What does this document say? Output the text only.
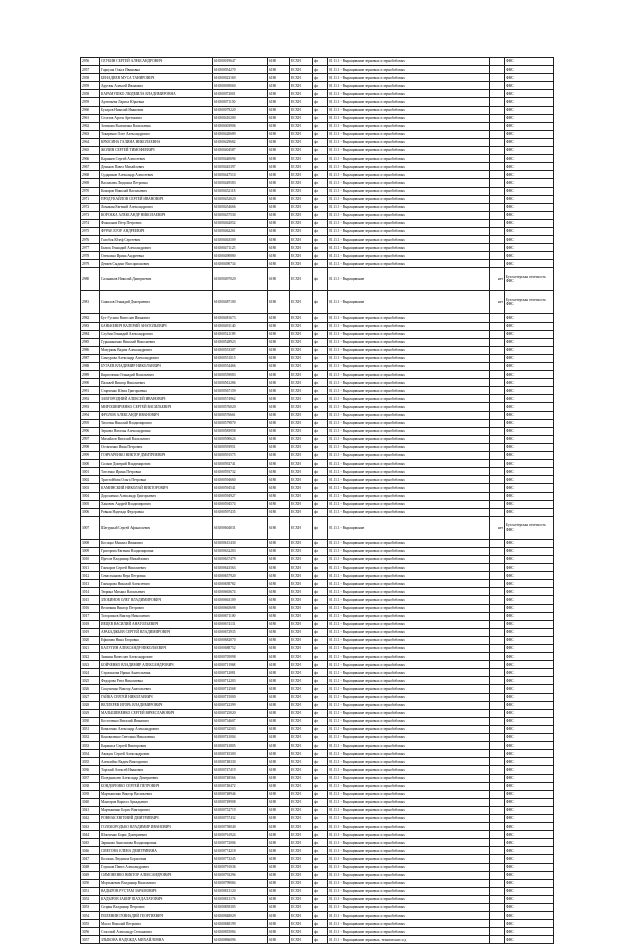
2956	СЕУБИН СЕРГЕЙ АЛЕКСАНДРОВИЧ	616500019647	6180	ЕСХН	фл	01.11.1 - Выращивание зерновых и зернобобовых		ФНС
2957	Гаркуша Ольга Ивановна	616500054270	6180	ЕСХН	фл	01.11.1 - Выращивание зерновых и зернобобовых		ФНС
2958	БЕНАДИЕВ МУСА ТАНИРОВИЧ	616500023169	6180	ЕСХН	фл	01.11.1 - Выращивание зерновых и зернобобовых		ФНС
2959	Арутюн Алексей Иванович	616500039060	6180	ЕСХН	фл	01.11.1 - Выращивание зерновых и зернобобовых		ФНС
2958	КАРАМУШКО ЛЮДМИЛА ВЛАДИМИРОВНА	616500072001	6180	ЕСХН	фл	01.11.1 - Выращивание зерновых и зернобобовых		ФНС
2959	Артемьева Лариса Юрьевна	616500071150	6180	ЕСХН	фл	01.11.1 - Выращивание зерновых и зернобобовых		ФНС
2960	Бухаров Николай Иванович	616500079220	6180	ЕСХН	фл	01.11.1 - Выращивание зерновых и зернобобовых		ФНС
2961	Селезов Арсен Артемович	616500410200	6180	ЕСХН	фл	01.11.1 - Выращивание зерновых и зернобобовых		ФНС
2962	Зотикова Валентина Васильевна	616500403906	6180	ЕСХН	фл	01.11.1 - Выращивание зерновых и зернобобовых		ФНС
2963	Токаренко Олег Александрович	616500420689	6180	ЕСХН	фл	01.11.1 - Выращивание зерновых и зернобобовых		ФНС
2964	КРЮСИНА ГАЛИНА НИКОЛАЕВНА	616500429682	6180	ЕСХН	фл	01.11.1 - Выращивание зерновых и зернобобовых		ФНС
2965	ЖОЛИН СЕРГЕЙ ТИМОФЕЕВИЧ	616500404587	6180	ЕСХН	фл	01.11.1 - Выращивание зерновых и зернобобовых		ФНС
2966	Каршнев Сергей Алексеевич	616500440696	6180	ЕСХН	фл	01.11.1 - Выращивание зерновых и зернобобовых		ФНС
2967	Деньков Павел Михайлович	616500445397	6180	ЕСХН	фл	01.11.1 - Выращивание зерновых и зернобобовых		ФНС
2968	Судариков Александр Алексеевич	616500447510	6180	ЕСХН	фл	01.11.1 - Выращивание зерновых и зернобобовых		ФНС
2969	Васильева Людмила Петровна	616500449583	6180	ЕСХН	фл	01.11.1 - Выращивание зерновых и зернобобовых		ФНС
2970	Комаров Николай Васильевич	616500452118	6180	ЕСХН	фл	01.11.1 - Выращивание зерновых и зернобобовых		ФНС
2971	ПРОДУКАЙЛОВ СЕРГЕЙ ИВАНОВИЧ	616500452020	6180	ЕСХН	фл	01.11.1 - Выращивание зерновых и зернобобовых		ФНС
2972	Ломакин Евгений Александрович	616500454666	6180	ЕСХН	фл	01.11.1 - Выращивание зерновых и зернобобовых		ФНС
2973	КОРОБКА АЛЕКСАНДР НИКОЛАЕВИЧ	616500457530	6180	ЕСХН	фл	01.11.1 - Выращивание зерновых и зернобобовых		ФНС
2974	Фокшанов Петр Петрович	616500462052	6180	ЕСХН	фл	01.11.1 - Выращивание зерновых и зернобобовых		ФНС
2975	ФУРАЕ ЕГОР АНДРЕЕВИЧ	616500462261	6180	ЕСХН	фл	01.11.1 - Выращивание зерновых и зернобобовых		ФНС
2976	Голобок Юзеф Сергеевич	616500463509	6180	ЕСХН	фл	01.11.1 - Выращивание зерновых и зернобобовых		ФНС
2977	Бычок Геннадий Александрович	616500471125	6180	ЕСХН	фл	01.11.1 - Выращивание зерновых и зернобобовых		ФНС
2978	Олексина Ирина Андреевна	616500490880	6180	ЕСХН	фл	01.11.1 - Выращивание зерновых и зернобобовых		ФНС
2979	Деваев Сыдинг Виссарионович	616500490734	6180	ЕСХН	фл	01.11.1 - Выращивание зерновых и зернобобовых		ФНС
2980	Сальников Николай Дмитриевич	616500497020	6180	ЕСХН	фл	01.11.1 - Выращивание	нет	Бухгалтерская отчетность ФНС
2981	Смаилов Геннадий Дмитриевич	616500487100	6180	ЕСХН	фл	01.11.1 - Выращивание	нет	Бухгалтерская отчетность ФНС
2982	Бут-Гусаим Вячеслав Иванович	616500481673	6180	ЕСХН	фл	01.11.1 - Выращивание зерновых и зернобобовых		ФНС
2983	БАНЬКЕВИЧ ВАЛЕРИЙ АНАТОЛЬЕВИЧ	616500491140	6180	ЕСХН	фл	01.11.1 - Выращивание зерновых и зернобобовых		ФНС
2984	Слубин Геннадий Александрович	616500521109	6180	ЕСХН	фл	01.11.1 - Выращивание зерновых и зернобобовых		ФНС
2985	Гурьянькенко Николай Николаевич	616500528923	6180	ЕСХН	фл	01.11.1 - Выращивание зерновых и зернобобовых		ФНС
2986	Мазуркин Вадим Александрович	616500553307	6180	ЕСХН	фл	01.11.1 - Выращивание зерновых и зернобобовых		ФНС
2987	Сакоурова Александр Александрович	616500551015	6180	ЕСХН	фл	01.11.1 - Выращивание зерновых и зернобобовых		ФНС
2988	БУГАЕВ ВЛАДИМИР НИКОЛАЕВИЧ	616500554466	6180	ЕСХН	фл	01.11.1 - Выращивание зерновых и зернобобовых		ФНС
2989	Кирпоченко Геннадий Васильевич	616500559083	6180	ЕСХН	фл	01.11.1 - Выращивание зерновых и зернобобовых		ФНС
2990	Пальвей Виктор Николаевич	616500561286	6180	ЕСХН	фл	01.11.1 - Выращивание зерновых и зернобобовых		ФНС
2991	Старченко Юлия Григорьевна	616500567159	6180	ЕСХН	фл	01.11.1 - Выращивание зерновых и зернобобовых		ФНС
2992	ЗАВГОРОДНИЙ АЛЕКСЕЙ ИВАНОВИЧ	616500574962	6180	ЕСХН	фл	01.11.1 - Выращивание зерновых и зернобобовых		ФНС
2993	МИРОШНИЧЕНКО СЕРГЕЙ ВАСИЛЬЕВИЧ	616500576020	6180	ЕСХН	фл	01.11.1 - Выращивание зерновых и зернобобовых		ФНС
2994	ФРОЛОВ АЛЕКСАНДР ИВАНОВИЧ	616500576661	6180	ЕСХН	фл	01.11.1 - Выращивание зерновых и зернобобовых		ФНС
2995	Тихотин Николай Владимирович	616500579870	6180	ЕСХН	фл	01.11.1 - Выращивание зерновых и зернобобовых		ФНС
2996	Зеркова Наталья Александровна	616500583958	6180	ЕСХН	фл	01.11.1 - Выращивание зерновых и зернобобовых		ФНС
2997	Михайлов Виталий Васильевич	616500590624	6180	ЕСХН	фл	01.11.1 - Выращивание зерновых и зернобобовых		ФНС
2998	Остыченко Иван Петрович	616500593951	6180	ЕСХН	фл	01.11.1 - Выращивание зерновых и зернобобовых		ФНС
2999	ГОНЧАРЕНКО ВИКТОР ДМИТРИЕВИЧ	616500591575	6180	ЕСХН	фл	01.11.1 - Выращивание зерновых и зернобобовых		ФНС
3000	Солков Дмитрий Владимирович	616500592741	6180	ЕСХН	фл	01.11.1 - Выращивание зерновых и зернобобовых		ФНС
3001	Татсенко Ирина Петровна	616500593732	6180	ЕСХН	фл	01.11.1 - Выращивание зерновых и зернобобовых		ФНС
3002	Тристойбова Ольга Петровна	616500594660	6180	ЕСХН	фл	01.11.1 - Выращивание зерновых и зернобобовых		ФНС
3003	КАМИНСКИЙ НИКОЛАЙ ВИКТОРОВИЧ	616500594541	6180	ЕСХН	фл	01.11.1 - Выращивание зерновых и зернобобовых		ФНС
3004	Дорошенко Александр Григорьевич	616500594927	6180	ЕСХН	фл	01.11.1 - Выращивание зерновых и зернобобовых		ФНС
3005	Ханович Андрей Владимирович	616500594574	6180	ЕСХН	фл	01.11.1 - Выращивание зерновых и зернобобовых		ФНС
3006	Ровная Надежда Федоровна	616500597435	6180	ЕСХН	фл	01.11.1 - Выращивание зерновых и зернобобовых		ФНС
3007	Шатурный Сергей Афанасьевич	616500604031	6180	ЕСХН	фл	01.11.1 - Выращивание	нет	Бухгалтерская отчетность ФНС
3008	Косоцко Михаил Иванович	616500615430	6180	ЕСХН	фл	01.11.1 - Выращивание зерновых и зернобобовых		ФНС
3009	Григорова Евгения Владимировна	616500632203	6180	ЕСХН	фл	01.11.1 - Выращивание зерновых и зернобобовых		ФНС
3010	Пресов Владимир Михайлович	616500637479	6180	ЕСХН	фл	01.11.1 - Выращивание зерновых и зернобобовых		ФНС
3011	Гончаров Сергей Николаевич	616500643563	6180	ЕСХН	фл	01.11.1 - Выращивание зерновых и зернобобовых		ФНС
3012	Севастьянова Вера Петровна	616500657920	6180	ЕСХН	фл	01.11.1 - Выращивание зерновых и зернобобовых		ФНС
3013	Гончарова Николай Алексеевич	616500658782	6180	ЕСХН	фл	01.11.1 - Выращивание зерновых и зернобобовых		ФНС
3014	Тюрина Михаил Васильевич	616500665674	6180	ЕСХН	фл	01.11.1 - Выращивание зерновых и зернобобовых		ФНС
3015	ЗЛОБИНОВ ОЛЕГ ВЛАДИМИРОВИЧ	616500663109	6180	ЕСХН	фл	01.11.1 - Выращивание зерновых и зернобобовых		ФНС
3016	Величкин Виктор Петрович	616500665698	6180	ЕСХН	фл	01.11.1 - Выращивание зерновых и зернобобовых		ФНС
3017	Тогорликов Виктор Николаевич	616500671100	6180	ЕСХН	фл	01.11.1 - Выращивание зерновых и зернобобовых		ФНС
3018	ИЕЦЕВ ВАСИЛИЙ АНАТОЛЬЕВИЧ	616500674131	6180	ЕСХН	фл	01.11.1 - Выращивание зерновых и зернобобовых		ФНС
3019	АРАБАДЖЬЕВ СЕРГЕЙ ВЛАДИМИРОВИЧ	616500672935	6180	ЕСХН	фл	01.11.1 - Выращивание зерновых и зернобобовых		ФНС
3020	Ефимова Нина Егоровна	616500682070	6180	ЕСХН	фл	01.11.1 - Выращивание зерновых и зернобобовых		ФНС
3021	КАЛУГИН АЛЕКСАНДР НИКОЛАЕВИЧ	616500688752	6180	ЕСХН	фл	01.11.1 - Выращивание зерновых и зернобобовых		ФНС
3022	Зимнин Вячеслав Александрович	616500705098	6180	ЕСХН	фл	01.11.1 - Выращивание зерновых и зернобобовых		ФНС
3023	БОЙЧЕНКО ВЛАДИМИР АЛЕКСАНДРОВИЧ	616500711968	6180	ЕСХН	фл	01.11.1 - Выращивание зерновых и зернобобовых		ФНС
3024	Стропилова Ирина Анатольевна	616500712081	6180	ЕСХН	фл	01.11.1 - Выращивание зерновых и зернобобовых		ФНС
3025	Федорова Рита Николаевна	616500712203	6180	ЕСХН	фл	01.11.1 - Выращивание зерновых и зернобобовых		ФНС
3026	Сокушенко Виктор Анатольевич	616500712568	6180	ЕСХН	фл	01.11.1 - Выращивание зерновых и зернобобовых		ФНС
3027	ГАЙКА СЕРГЕЙ НИКОЛАЕВИЧ	616500715000	6180	ЕСХН	фл	01.11.1 - Выращивание зерновых и зернобобовых		ФНС
3028	ВЕЛЛЕРЕВ ИГОРЬ ВЛАДИМИРОВИЧ	616500722399	6180	ЕСХН	фл	01.11.1 - Выращивание зерновых и зернобобовых		ФНС
3029	МАЛЫШЕВЕНКО СЕРГЕЙ ВЯЧЕСЛАВОВИЧ	616500725020	6180	ЕСХН	фл	01.11.1 - Выращивание зерновых и зернобобовых		ФНС
3030	Косточенко Виталий Иванович	616500734607	6180	ЕСХН	фл	01.11.1 - Выращивание зерновых и зернобобовых		ФНС
3031	Коваленко Александр Александрович	616500732503	6180	ЕСХН	фл	01.11.1 - Выращивание зерновых и зернобобовых		ФНС
3032	Коноваленко Светлана Николаевна	616500741004	6180	ЕСХН	фл	01.11.1 - Выращивание зерновых и зернобобовых		ФНС
3033	Каракиса Сергей Викторович	616500741805	6180	ЕСХН	фл	01.11.1 - Выращивание зерновых и зернобобовых		ФНС
3034	Авакуш Сергей Александрович	616500745300	6180	ЕСХН	фл	01.11.1 - Выращивание зерновых и зернобобовых		ФНС
3035	Алексийко Вадим Викторович	616500748330	6180	ЕСХН	фл	01.11.1 - Выращивание зерновых и зернобобовых		ФНС
3036	Тарский Алексей Иванович	616500747419	6180	ЕСХН	фл	01.11.1 - Выращивание зерновых и зернобобовых		ФНС
3037	Позедниклев Александр Дмитриевич	616500748566	6180	ЕСХН	фл	01.11.1 - Выращивание зерновых и зернобобовых		ФНС
3038	БОНДОРЕНКО СЕРГЕЙ ПЕТРОВИЧ	616500748472	6180	ЕСХН	фл	01.11.1 - Выращивание зерновых и зернобобовых		ФНС
3039	Мартышенко Виктор Васильевич	616500748946	6180	ЕСХН	фл	01.11.1 - Выращивание зерновых и зернобобовых		ФНС
3040	Мантаров Кирилл Аркадьевич	616500749908	6180	ЕСХН	фл	01.11.1 - Выращивание зерновых и зернобобовых		ФНС
3041	Мартыненко Борис Викторович	616500752719	6180	ЕСХН	фл	01.11.1 - Выращивание зерновых и зернобобовых		ФНС
3042	РОВНАК ЕВГЕНИЙ ДМИТРИЕВИЧ	616500757432	6180	ЕСХН	фл	01.11.1 - Выращивание зерновых и зернобобовых		ФНС
3043	ГОЛОБОРОДЬКО ВЛАДИМИР ИВАНОВИЧ	616500758040	6180	ЕСХН	фл	01.11.1 - Выращивание зерновых и зернобобовых		ФНС
3044	Шпоченко Борис Дмитриевич	616500761924	6180	ЕСХН	фл	01.11.1 - Выращивание зерновых и зернобобовых		ФНС
3045	Зарикова Анисимова Владимировна	616500772006	6180	ЕСХН	фл	01.11.1 - Выращивание зерновых и зернобобовых		ФНС
3046	СМЕТОВА ЕЛЕНА ДМИТРИЕВНА	616500774218	6180	ЕСХН	фл	01.11.1 - Выращивание зерновых и зернобобовых		ФНС
3047	Коллонь Людмила Борисовна	616500773245	6180	ЕСХН	фл	01.11.1 - Выращивание зерновых и зернобобовых		ФНС
3048	Глушков Павел Александрович	616500791036	6180	ЕСХН	фл	01.11.1 - Выращивание зерновых и зернобобовых		ФНС
3049	СИМОНЕНКО ВИКТОР АЛЕКСАНДРОВИЧ	616500793296	6180	ЕСХН	фл	01.11.1 - Выращивание зерновых и зернобобовых		ФНС
3050	Мортыкевич Владимир Васильевич	616500799084	6180	ЕСХН	фл	01.11.1 - Выращивание зерновых и зернобобовых		ФНС
3051	ВАДЫРОВ РУСТАМ ЗАРАМОВИЧ	616500813120	6180	ЕСХН	фл	01.11.1 - Выращивание зерновых и зернобобовых		ФНС
3052	КАДЫРОВ ЗАКИР ШАХДАЛАТОВИЧ	616500813176	6180	ЕСХН	фл	01.11.1 - Выращивание зерновых и зернобобовых		ФНС
3053	Созрин Владимир Петрович	616500839305	6180	ЕСХН	фл	01.11.1 - Выращивание зерновых и зернобобовых		ФНС
3054	ПОЛЕНИН ГЕННАДИЙ ГЕОРГИЕВИЧ	616500848029	6180	ЕСХН	фл	01.11.1 - Выращивание зерновых и зернобобовых		ФНС
3055	Масло Николай Петрович	616500848199	6180	ЕСХН	фл	01.11.1 - Выращивание зерновых и зернобобовых		ФНС
3056	Стасовой Александр Степанович	616500855084	6180	ЕСХН	фл	01.11.1 - Выращивание зерновых и зернобобовых		ФНС
3057	ЗЛЫКОВА НАДЕЖДА МИХАЙЛОВНА	616500866096	6180	ЕСХН	фл	01.11.1 - Выращивание зерновых, технических и д		ФНС
